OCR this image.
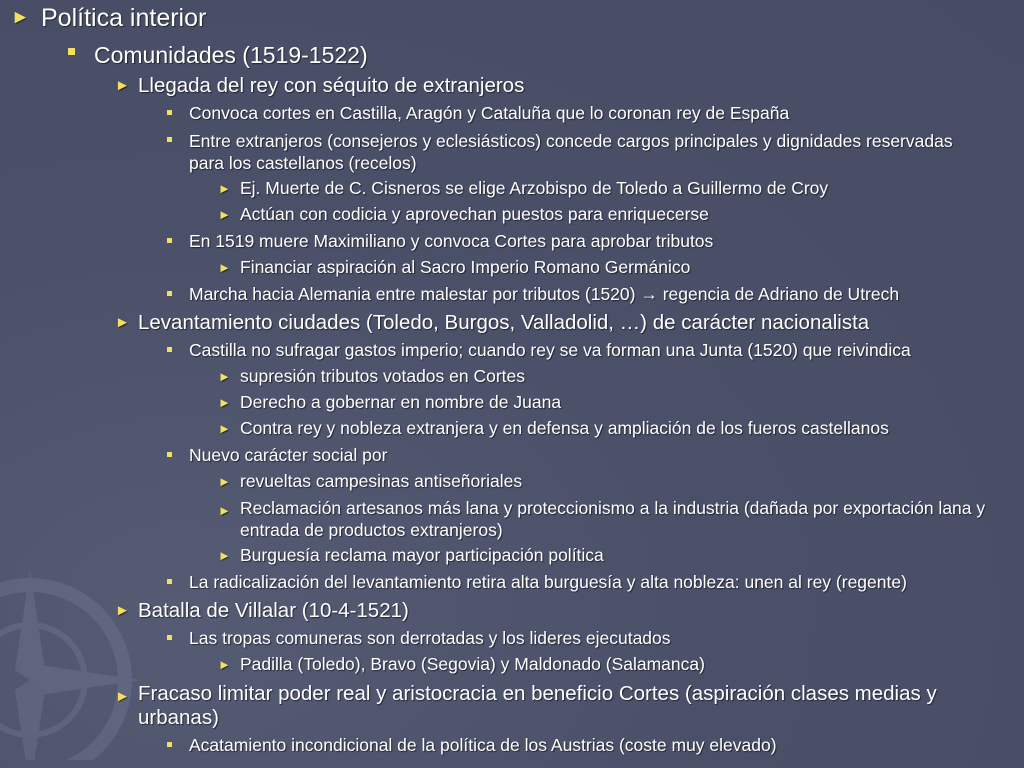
► Política interior
Comunidades (1519-1522)
► Llegada del rey con séquito de extranjeros
Convoca cortes en Castilla, Aragón y Cataluña que lo coronan rey de España
Entre extranjeros (consejeros y eclesiásticos) concede cargos principales y dignidades reservadas para los castellanos (recelos)
► Ej. Muerte de C. Cisneros se elige Arzobispo de Toledo a Guillermo de Croy
► Actúan con codicia y aprovechan puestos para enriquecerse
En 1519 muere Maximiliano y convoca Cortes para aprobar tributos
► Financiar aspiración al Sacro Imperio Romano Germánico
Marcha hacia Alemania entre malestar por tributos (1520) → regencia de Adriano de Utrech
► Levantamiento ciudades (Toledo, Burgos, Valladolid, …) de carácter nacionalista
Castilla no sufragar gastos imperio; cuando rey se va forman una Junta (1520) que reivindica
► supresión tributos votados en Cortes
► Derecho a gobernar en nombre de Juana
► Contra rey y nobleza extranjera y en defensa y ampliación de los fueros castellanos
Nuevo carácter social por
► revueltas campesinas antiseñoriales
► Reclamación artesanos más lana y proteccionismo a la industria (dañada por exportación lana y entrada de productos extranjeros)
► Burguesía reclama mayor participación política
La radicalización del levantamiento retira alta burguesía y alta nobleza: unen al rey (regente)
► Batalla de Villalar (10-4-1521)
Las tropas comuneras son derrotadas y los lideres ejecutados
► Padilla (Toledo), Bravo (Segovia) y Maldonado (Salamanca)
► Fracaso limitar poder real y aristocracia en beneficio Cortes (aspiración clases medias y urbanas)
Acatamiento incondicional de la política de los Austrias (coste muy elevado)
